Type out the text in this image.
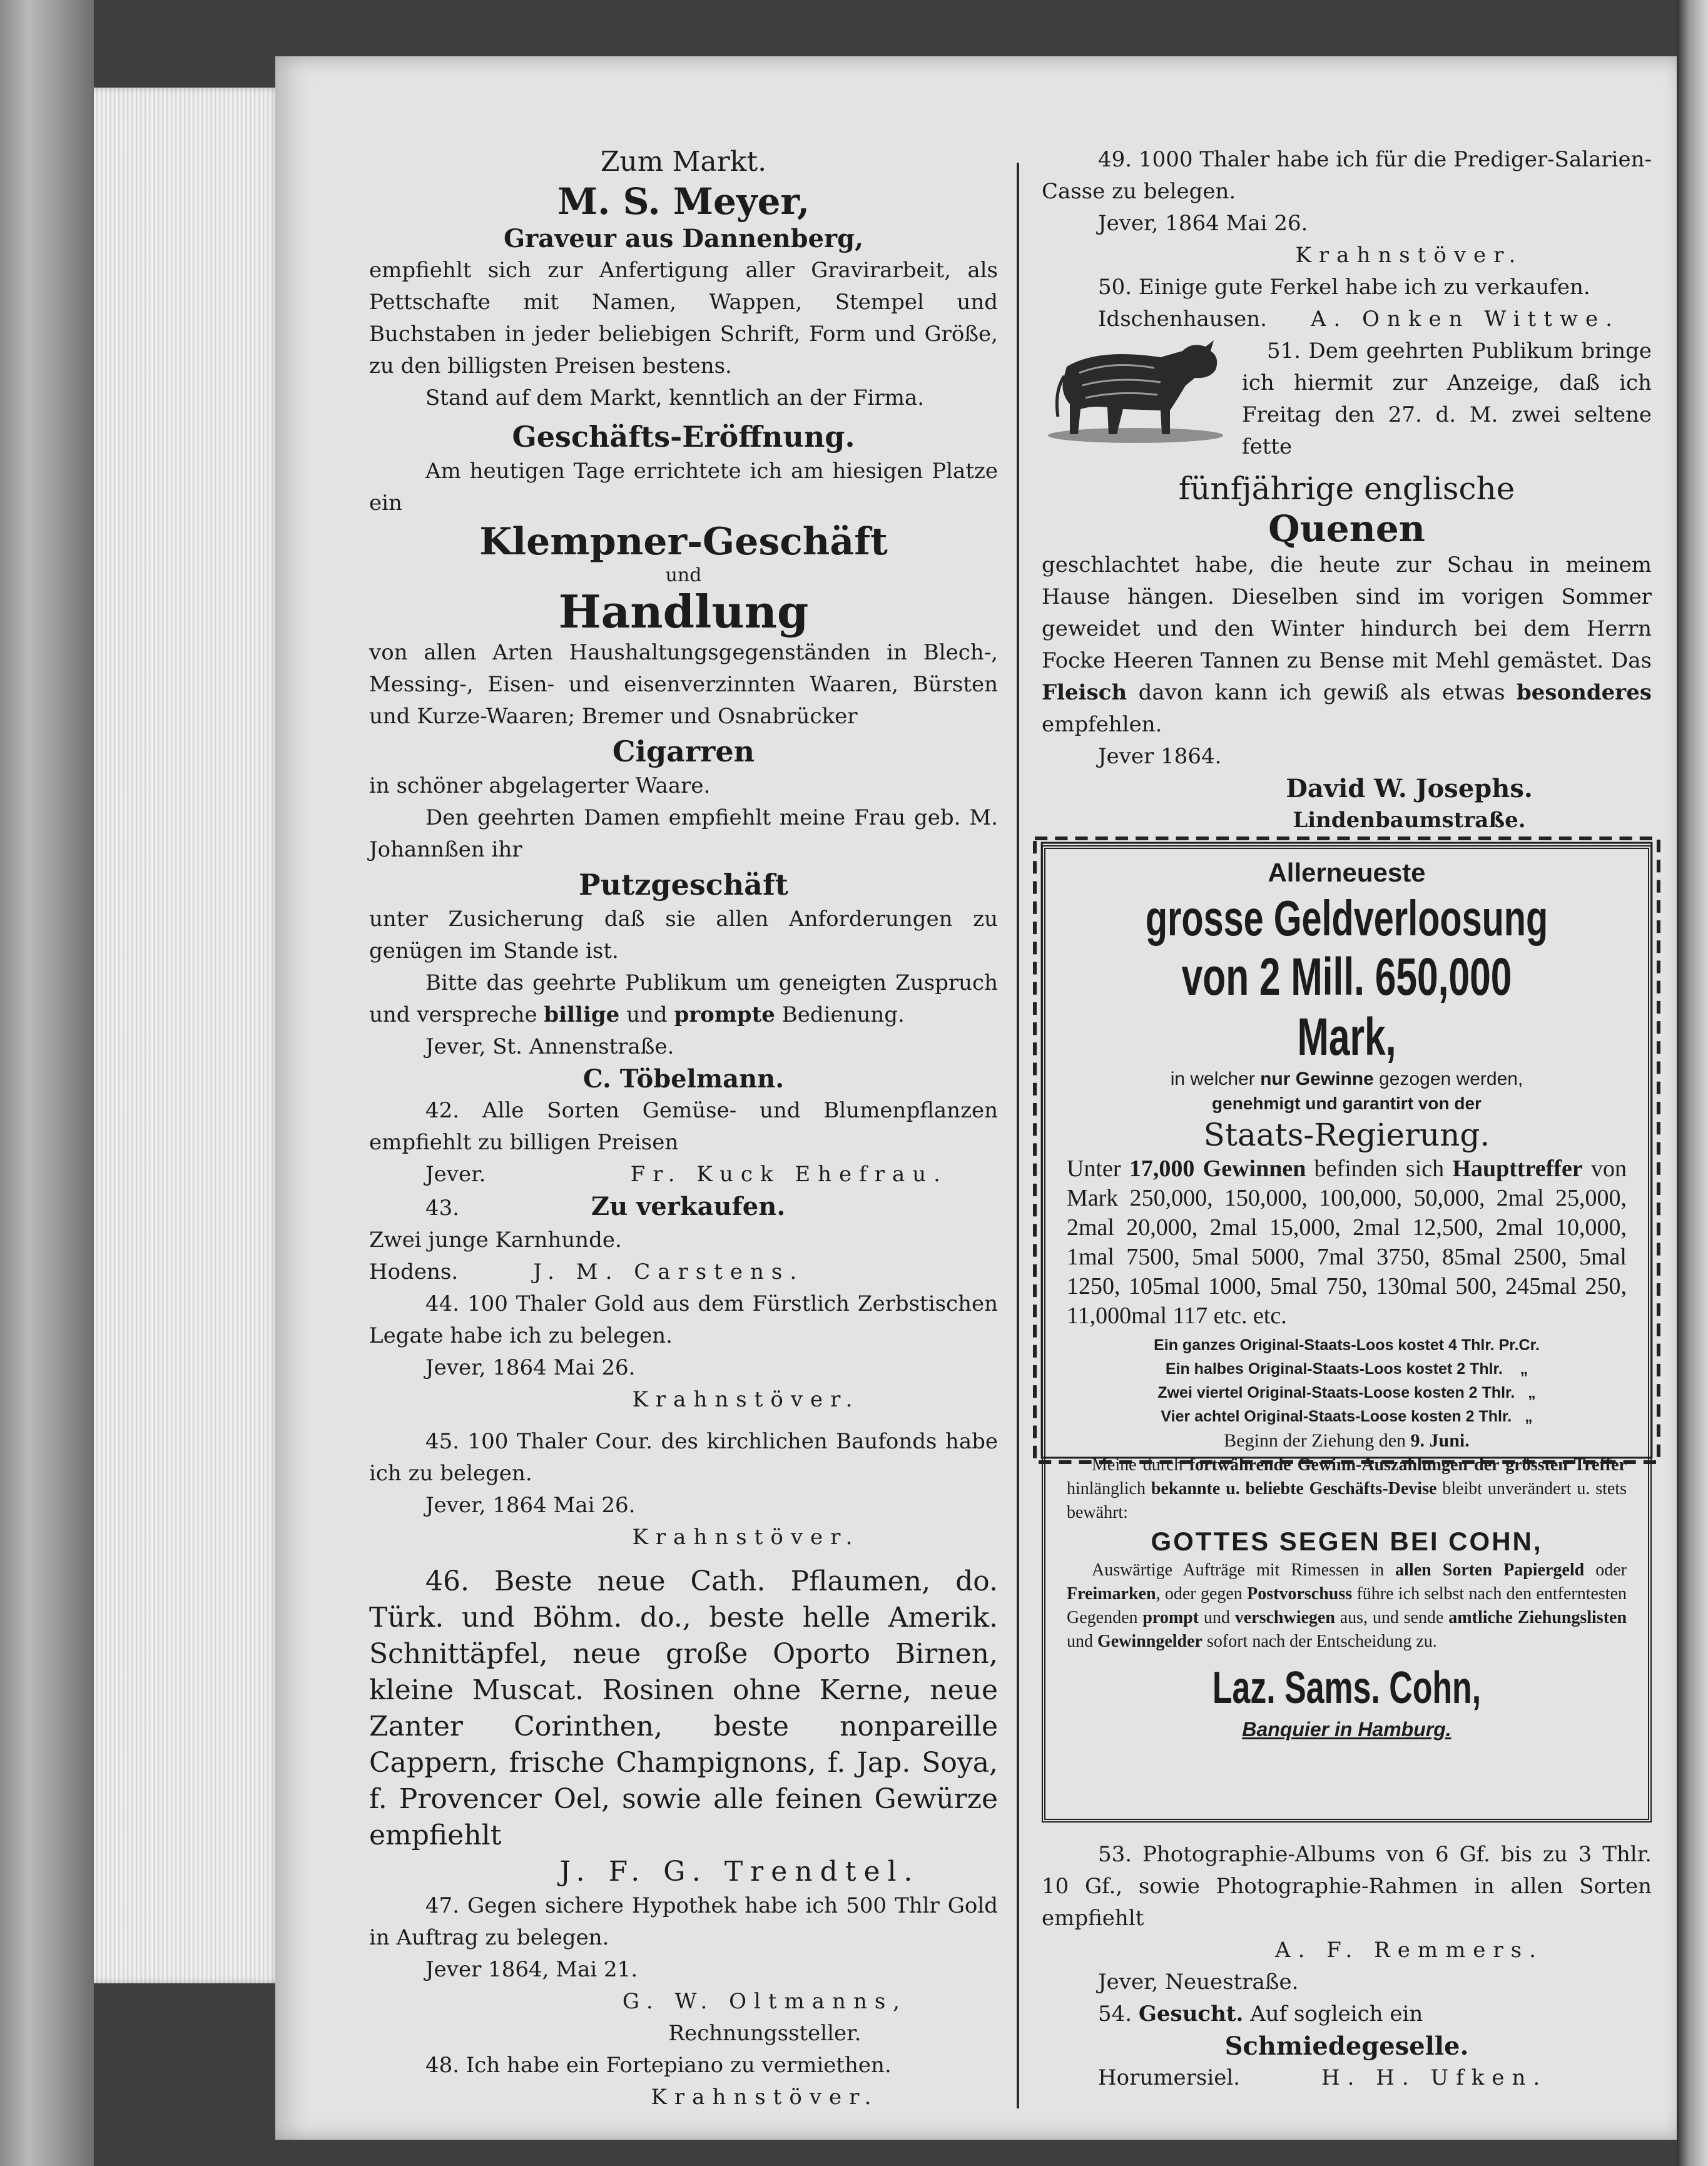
Zum Markt.

M. S. Meyer,

Graveur aus Dannenberg,

empfiehlt sich zur Anfertigung aller Gravirarbeit, als Pettschafte mit Namen, Wappen, Stempel und Buchstaben in jeder beliebigen Schrift, Form und Größe, zu den billigsten Preisen bestens.

Stand auf dem Markt, kenntlich an der Firma.

Geschäfts-Eröffnung.

Am heutigen Tage errichtete ich am hiesigen Platze ein

Klempner-Geschäft

und

Handlung

von allen Arten Haushaltungsgegenständen in Blech-, Messing-, Eisen- und eisenverzinnten Waaren, Bürsten und Kurze-Waaren; Bremer und Osnabrücker

Cigarren

in schöner abgelagerter Waare.

Den geehrten Damen empfiehlt meine Frau geb. M. Johannßen ihr

Putzgeschäft

unter Zusicherung daß sie allen Anforderungen zu genügen im Stande ist.

Bitte das geehrte Publikum um geneigten Zuspruch und verspreche billige und prompte Bedienung.

Jever, St. Annenstraße.

C. Töbelmann.

42. Alle Sorten Gemüse- und Blumenpflanzen empfiehlt zu billigen Preisen

Jever.	Fr. Kuck Ehefrau.
43.	Zu verkaufen.

Zwei junge Karnhunde.

Hodens.	J. M. Carstens.

44. 100 Thaler Gold aus dem Fürstlich Zerbstischen Legate habe ich zu belegen.

Jever, 1864 Mai 26.

Krahnstöver.

45. 100 Thaler Cour. des kirchlichen Baufonds habe ich zu belegen.

Jever, 1864 Mai 26.

Krahnstöver.

46. Beste neue Cath. Pflaumen, do. Türk. und Böhm. do., beste helle Amerik. Schnittäpfel, neue große Oporto Birnen, kleine Muscat. Rosinen ohne Kerne, neue Zanter Corinthen, beste nonpareille Cappern, frische Champignons, f. Jap. Soya, f. Provencer Oel, sowie alle feinen Gewürze empfiehlt

J. F. G. Trendtel.

47. Gegen sichere Hypothek habe ich 500 Thlr Gold in Auftrag zu belegen.

Jever 1864, Mai 21.

G. W. Oltmanns,

Rechnungssteller.

48. Ich habe ein Fortepiano zu vermiethen.

Krahnstöver.

49. 1000 Thaler habe ich für die Prediger-Salarien-Casse zu belegen.

Jever, 1864 Mai 26.

Krahnstöver.

50. Einige gute Ferkel habe ich zu verkaufen.

Idschenhausen. A. Onken Wittwe.

51. Dem geehrten Publikum bringe ich hiermit zur Anzeige, daß ich Freitag den 27. d. M. zwei seltene fette

fünfjährige englische

Quenen

geschlachtet habe, die heute zur Schau in meinem Hause hängen. Dieselben sind im vorigen Sommer geweidet und den Winter hindurch bei dem Herrn Focke Heeren Tannen zu Bense mit Mehl gemästet. Das Fleisch davon kann ich gewiß als etwas besonderes empfehlen.

Jever 1864.

David W. Josephs.

Lindenbaumstraße.

Allerneueste

grosse Geldverloosung

von 2 Mill. 650,000 Mark,

in welcher nur Gewinne gezogen werden,

genehmigt und garantirt von der

Staats-Regierung.

Unter 17,000 Gewinnen befinden sich Haupttreffer von Mark 250,000, 150,000, 100,000, 50,000, 2mal 25,000, 2mal 20,000, 2mal 15,000, 2mal 12,500, 2mal 10,000, 1mal 7500, 5mal 5000, 7mal 3750, 85mal 2500, 5mal 1250, 105mal 1000, 5mal 750, 130mal 500, 245mal 250, 11,000mal 117 etc. etc.

Ein ganzes Original-Staats-Loos kostet 4 Thlr. Pr.Cr.

Ein halbes Original-Staats-Loos kostet 2 Thlr.    „

Zwei viertel Original-Staats-Loose kosten 2 Thlr.   „

Vier achtel Original-Staats-Loose kosten 2 Thlr.   „

Beginn der Ziehung den 9. Juni.

Meine durch fortwährende Gewinn-Auszahlungen der grössten Treffer hinlänglich bekannte u. beliebte Geschäfts-Devise bleibt unverändert u. stets bewährt:

GOTTES SEGEN BEI COHN,

Auswärtige Aufträge mit Rimessen in allen Sorten Papiergeld oder Freimarken, oder gegen Postvorschuss führe ich selbst nach den entferntesten Gegenden prompt und verschwiegen aus, und sende amtliche Ziehungslisten und Gewinngelder sofort nach der Entscheidung zu.

Laz. Sams. Cohn,

Banquier in Hamburg.

53. Photographie-Albums von 6 Gf. bis zu 3 Thlr. 10 Gf., sowie Photographie-Rahmen in allen Sorten empfiehlt

A. F. Remmers.

Jever, Neuestraße.

54. Gesucht. Auf sogleich ein

Schmiedegeselle.

Horumersiel.	H. H. Ufken.
